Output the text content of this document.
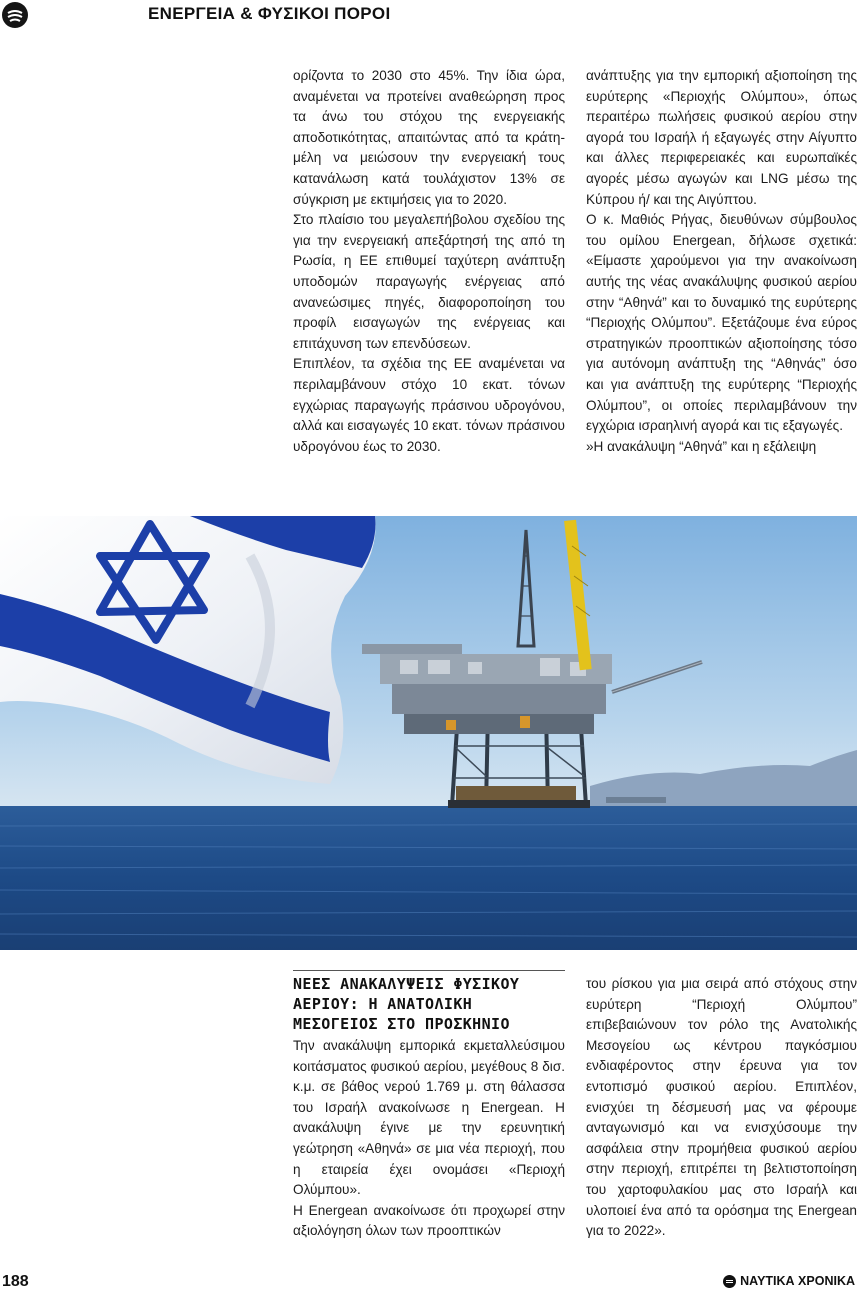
ΕΝΕΡΓΕΙΑ & ΦΥΣΙΚΟΙ ΠΟΡΟΙ

ορίζοντα το 2030 στο 45%. Την ίδια ώρα, αναμένεται να προτείνει αναθεώρηση προς τα άνω του στόχου της ενεργειακής αποδοτικότητας, απαιτώντας από τα κράτη-μέλη να μειώσουν την ενεργειακή τους κατανάλωση κατά τουλάχιστον 13% σε σύγκριση με εκτιμήσεις για το 2020.

Στο πλαίσιο του μεγαλεπήβολου σχεδίου της για την ενεργειακή απεξάρτησή της από τη Ρωσία, η ΕΕ επιθυμεί ταχύτερη ανάπτυξη υποδομών παραγωγής ενέργειας από ανανεώσιμες πηγές, διαφοροποίηση του προφίλ εισαγωγών της ενέργειας και επιτάχυνση των επενδύσεων.

Επιπλέον, τα σχέδια της ΕΕ αναμένεται να περιλαμβάνουν στόχο 10 εκατ. τόνων εγχώριας παραγωγής πράσινου υδρογόνου, αλλά και εισαγωγές 10 εκατ. τόνων πράσινου υδρογόνου έως το 2030.

ανάπτυξης για την εμπορική αξιοποίηση της ευρύτερης «Περιοχής Ολύμπου», όπως περαιτέρω πωλήσεις φυσικού αερίου στην αγορά του Ισραήλ ή εξαγωγές στην Αίγυπτο και άλλες περιφερειακές και ευρωπαϊκές αγορές μέσω αγωγών και LNG μέσω της Κύπρου ή/ και της Αιγύπτου.

Ο κ. Μαθιός Ρήγας, διευθύνων σύμβουλος του ομίλου Energean, δήλωσε σχετικά: «Είμαστε χαρούμενοι για την ανακοίνωση αυτής της νέας ανακάλυψης φυσικού αερίου στην “Αθηνά” και το δυναμικό της ευρύτερης “Περιοχής Ολύμπου”. Εξετάζουμε ένα εύρος στρατηγικών προοπτικών αξιοποίησης τόσο για αυτόνομη ανάπτυξη της “Αθηνάς” όσο και για ανάπτυξη της ευρύτερης “Περιοχής Ολύμπου”, οι οποίες περιλαμβάνουν την εγχώρια ισραηλινή αγορά και τις εξαγωγές.

»Η ανακάλυψη “Αθηνά” και η εξάλειψη

ΝΕΕΣ ΑΝΑΚΑΛΥΨΕΙΣ ΦΥΣΙΚΟΥ ΑΕΡΙΟΥ: Η ΑΝΑΤΟΛΙΚΗ ΜΕΣΟΓΕΙΟΣ ΣΤΟ ΠΡΟΣΚΗΝΙΟ

Την ανακάλυψη εμπορικά εκμεταλλεύσιμου κοιτάσματος φυσικού αερίου, μεγέθους 8 δισ. κ.μ. σε βάθος νερού 1.769 μ. στη θάλασσα του Ισραήλ ανακοίνωσε η Energean. Η ανακάλυψη έγινε με την ερευνητική γεώτρηση «Αθηνά» σε μια νέα περιοχή, που η εταιρεία έχει ονομάσει «Περιοχή Ολύμπου».

Η Energean ανακοίνωσε ότι προχωρεί στην αξιολόγηση όλων των προοπτικών

του ρίσκου για μια σειρά από στόχους στην ευρύτερη “Περιοχή Ολύμπου” επιβεβαιώνουν τον ρόλο της Ανατολικής Μεσογείου ως κέντρου παγκόσμιου ενδιαφέροντος στην έρευνα για τον εντοπισμό φυσικού αερίου. Επιπλέον, ενισχύει τη δέσμευσή μας να φέρουμε ανταγωνισμό και να ενισχύσουμε την ασφάλεια στην προμήθεια φυσικού αερίου στην περιοχή, επιτρέπει τη βελτιστοποίηση του χαρτοφυλακίου μας στο Ισραήλ και υλοποιεί ένα από τα ορόσημα της Energean για το 2022».

188	ΝΑΥΤΙΚΑ ΧΡΟΝΙΚΑ
